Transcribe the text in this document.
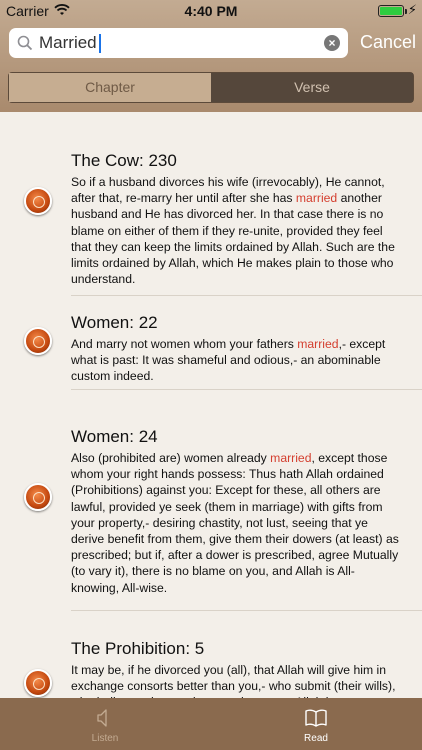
Carrier	4:40 PM	⚡
Married
× Cancel
Chapter	Verse
The Cow: 230
So if a husband divorces his wife (irrevocably), He cannot, after that, re-marry her until after she has married another husband and He has divorced her. In that case there is no blame on either of them if they re-unite, provided they feel that they can keep the limits ordained by Allah. Such are the limits ordained by Allah, which He makes plain to those who understand.
Women: 22
And marry not women whom your fathers married,- except what is past: It was shameful and odious,- an abominable custom indeed.
Women: 24
Also (prohibited are) women already married, except those whom your right hands possess: Thus hath Allah ordained (Prohibitions) against you: Except for these, all others are lawful, provided ye seek (them in marriage) with gifts from your property,- desiring chastity, not lust, seeing that ye derive benefit from them, give them their dowers (at least) as prescribed; but if, after a dower is prescribed, agree Mutually (to vary it), there is no blame on you, and Allah is All-knowing, All-wise.
The Prohibition: 5
It may be, if he divorced you (all), that Allah will give him in exchange consorts better than you,- who submit (their wills),
Listen	Read
